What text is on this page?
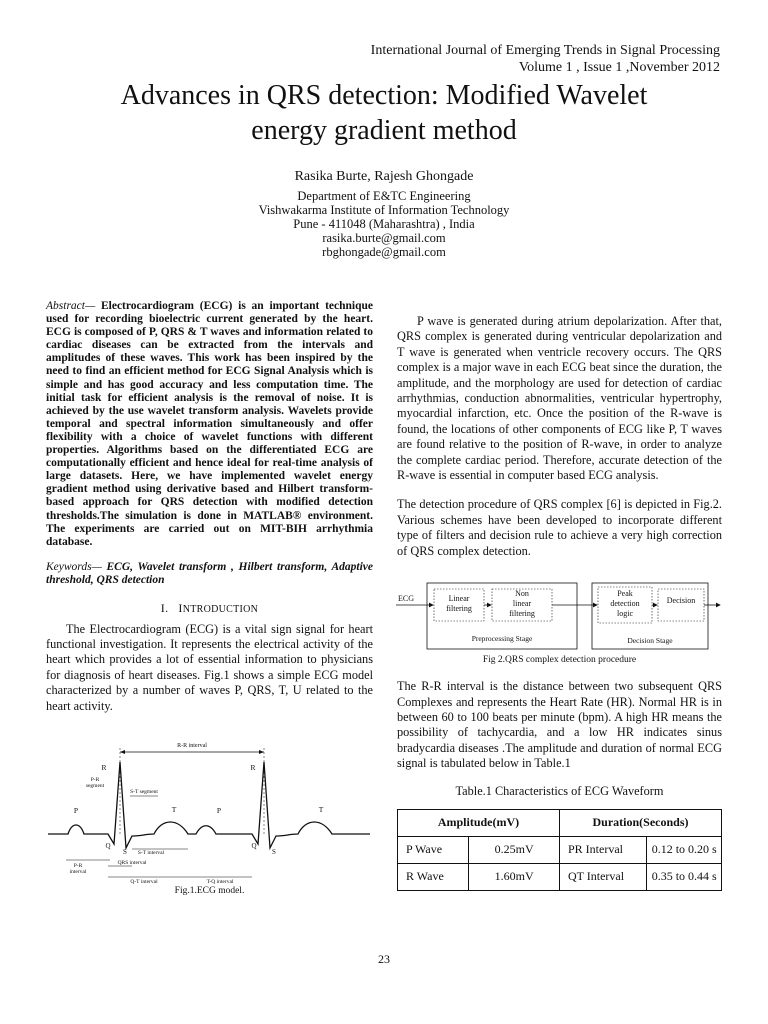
International Journal of Emerging Trends in Signal Processing
Volume 1 , Issue 1 ,November 2012
Advances in QRS detection: Modified Wavelet
energy gradient method
Rasika Burte, Rajesh Ghongade
Department of E&TC Engineering
Vishwakarma Institute of Information Technology
Pune - 411048 (Maharashtra) , India
rasika.burte@gmail.com
rbghongade@gmail.com

Abstract— Electrocardiogram (ECG) is an important technique used for recording bioelectric current generated by the heart. ECG is composed of P, QRS & T waves and information related to cardiac diseases can be extracted from the intervals and amplitudes of these waves. This work has been inspired by the need to find an efficient method for ECG Signal Analysis which is simple and has good accuracy and less computation time. The initial task for efficient analysis is the removal of noise. It is achieved by the use wavelet transform analysis. Wavelets provide temporal and spectral information simultaneously and offer flexibility with a choice of wavelet functions with different properties. Algorithms based on the differentiated ECG are computationally efficient and hence ideal for real-time analysis of large datasets. Here, we have implemented wavelet energy gradient method using derivative based and Hilbert transform-based approach for QRS detection with modified detection thresholds.The simulation is done in MATLAB® environment. The experiments are carried out on MIT-BIH arrhythmia database.

Keywords— ECG, Wavelet transform , Hilbert transform, Adaptive threshold, QRS detection

I. INTRODUCTION

The Electrocardiogram (ECG) is a vital sign signal for heart functional investigation. It represents the electrical activity of the heart which provides a lot of essential information to physicians for diagnosis of heart diseases. Fig.1 shows a simple ECG model characterized by a number of waves P, QRS, T, U related to the heart activity.

R-R interval
R	R
P-R
segment
S-T segment
P	T	P	T
Q
S
Q
S
S-T interval
P-R
interval
QRS interval
Q-T interval	T-Q interval
Fig.1.ECG model.

P wave is generated during atrium depolarization. After that, QRS complex is generated during ventricular depolarization and T wave is generated when ventricle recovery occurs. The QRS complex is a major wave in each ECG beat since the duration, the amplitude, and the morphology are used for detection of cardiac arrhythmias, conduction abnormalities, ventricular hypertrophy, myocardial infarction, etc. Once the position of the R-wave is found, the locations of other components of ECG like P, T waves are found relative to the position of R-wave, in order to analyze the complete cardiac period. Therefore, accurate detection of the R-wave is essential in computer based ECG analysis.

The detection procedure of QRS complex [6] is depicted in Fig.2. Various schemes have been developed to incorporate different type of filters and decision rule to achieve a very high correction of QRS complex detection.

ECG	Linear
filtering
Non
linear
filtering
Peak
detection
logic
Decision
Preprocessing Stage	Decision Stage
Fig 2.QRS complex detection procedure

The R-R interval is the distance between two subsequent QRS Complexes and represents the Heart Rate (HR). Normal HR is in between 60 to 100 beats per minute (bpm). A high HR means the possibility of tachycardia, and a low HR indicates sinus bradycardia diseases .The amplitude and duration of normal ECG signal is tabulated below in Table.1

Table.1 Characteristics of ECG Waveform
Amplitude(mV)		Duration(Seconds)	
P Wave	0.25mV	PR Interval	0.12 to 0.20 s
R Wave	1.60mV	QT Interval	0.35 to 0.44 s
23
